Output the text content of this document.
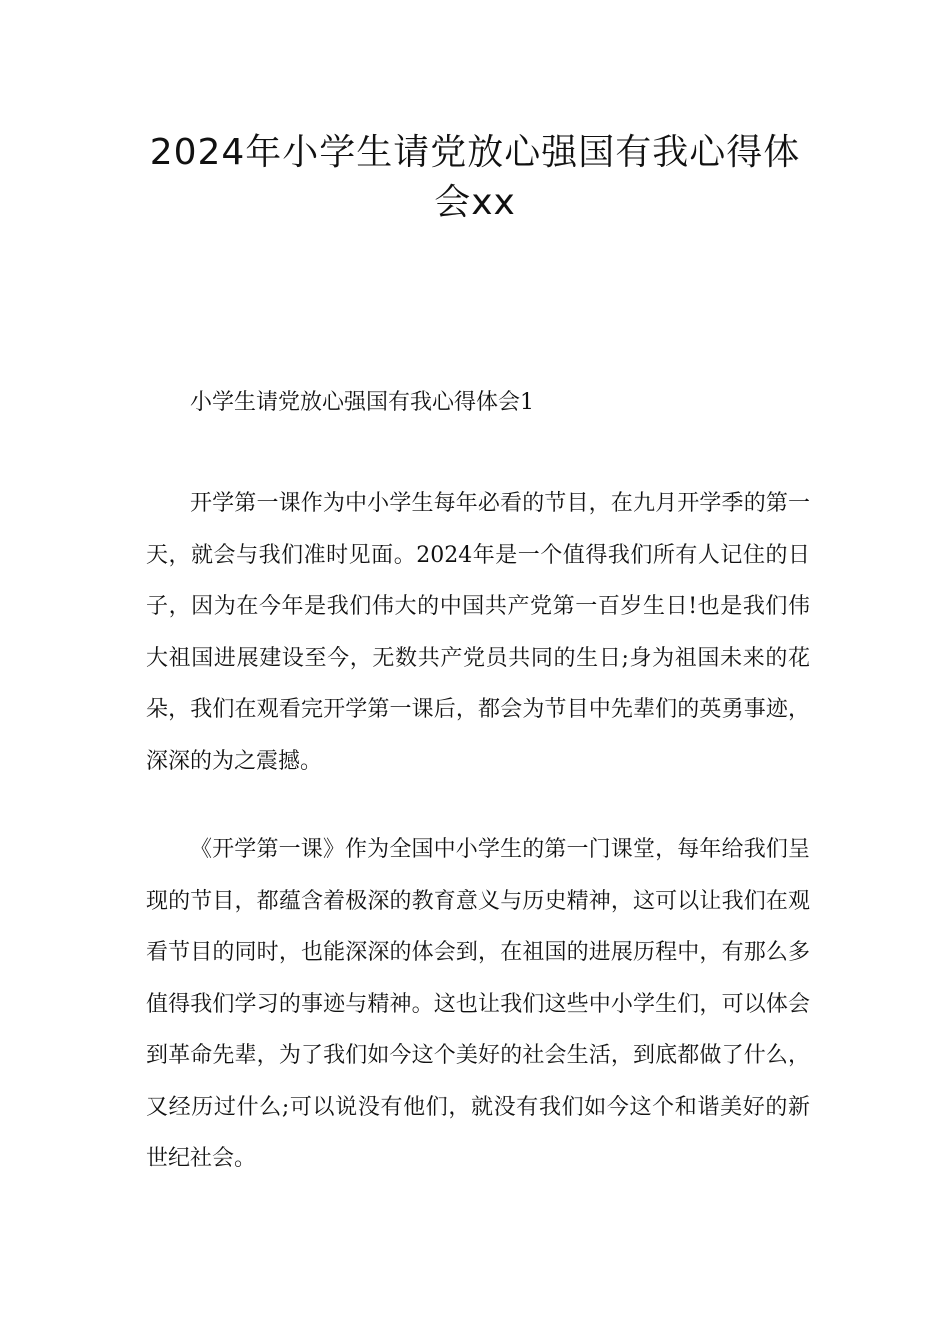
2024年小学生请党放心强国有我心得体
会xx
小学生请党放心强国有我心得体会1

开学第一课作为中小学生每年必看的节目，在九月开学季的第一天，就会与我们准时见面。2024年是一个值得我们所有人记住的日子，因为在今年是我们伟大的中国共产党第一百岁生日!也是我们伟大祖国进展建设至今，无数共产党员共同的生日;身为祖国未来的花朵，我们在观看完开学第一课后，都会为节目中先辈们的英勇事迹，深深的为之震撼。

《开学第一课》作为全国中小学生的第一门课堂，每年给我们呈现的节目，都蕴含着极深的教育意义与历史精神，这可以让我们在观看节目的同时，也能深深的体会到，在祖国的进展历程中，有那么多值得我们学习的事迹与精神。这也让我们这些中小学生们，可以体会到革命先辈，为了我们如今这个美好的社会生活，到底都做了什么，又经历过什么;可以说没有他们，就没有我们如今这个和谐美好的新世纪社会。
